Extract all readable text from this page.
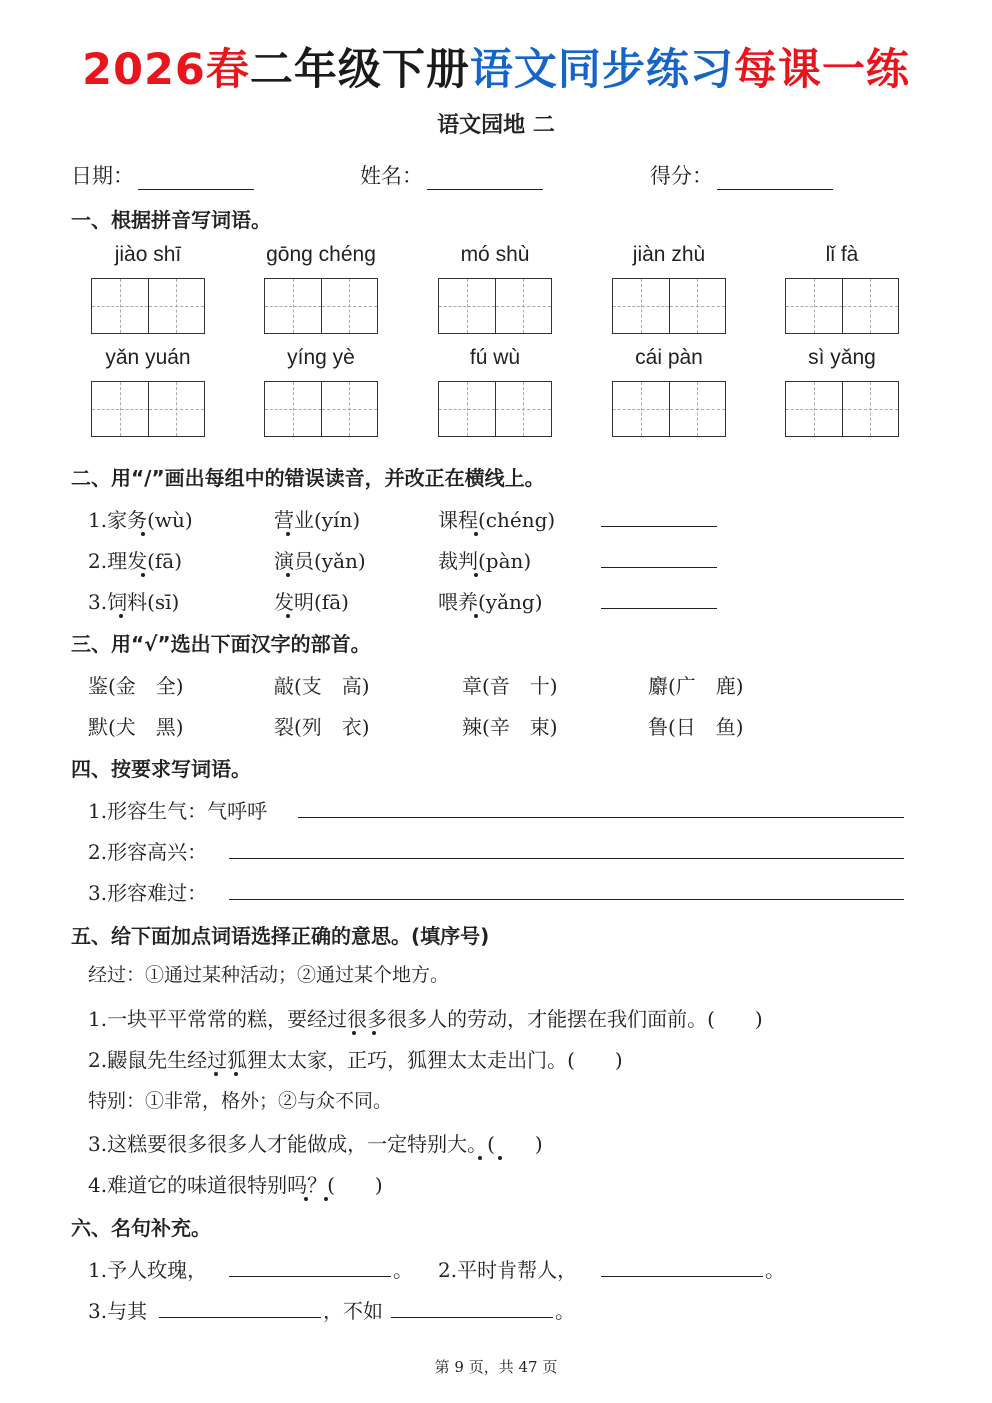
2026春二年级下册语文同步练习每课一练
语文园地 二
日期：	姓名：	得分：
一、根据拼音写词语。
jiào shī	gōng chéng	mó shù	jiàn zhù	lǐ fà
yǎn yuán	yíng yè	fú wù	cái pàn	sì yǎng
二、用“/”画出每组中的错误读音，并改正在横线上。
1.家务(wù)	营业(yín)	课程(chéng)
2.理发(fā)	演员(yǎn)	裁判(pàn)
3.饲料(sī)	发明(fā)	喂养(yǎng)
三、用“√”选出下面汉字的部首。
鉴(金　全)	敲(支　高)	章(音　十)	麝(广　鹿)
默(犬　黑)	裂(列　衣)	辣(辛　束)	鲁(日　鱼)
四、按要求写词语。
1.形容生气：气呼呼
2.形容高兴：
3.形容难过：
五、给下面加点词语选择正确的意思。(填序号)
经过：①通过某种活动；②通过某个地方。
1.一块平平常常的糕，要经过很多很多人的劳动，才能摆在我们面前。(　　)
2.鼹鼠先生经过狐狸太太家，正巧，狐狸太太走出门。(　　)
特别：①非常，格外；②与众不同。
3.这糕要很多很多人才能做成，一定特别大。(　　)
4.难道它的味道很特别吗？(　　)
六、名句补充。
1.予人玫瑰，	。 2.平时肯帮人，	。
3.与其	，不如	。
第 9 页，共 47 页
